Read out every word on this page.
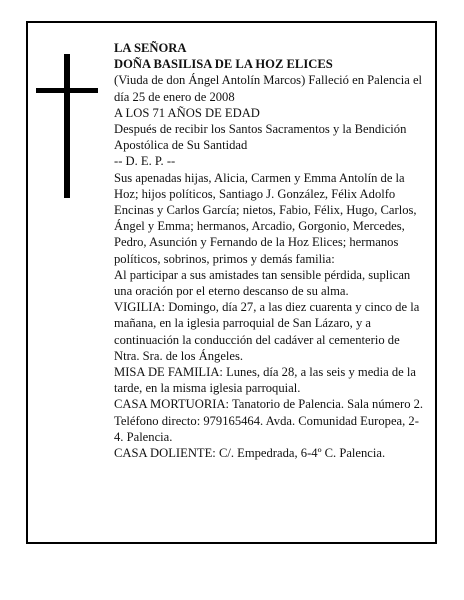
LA SEÑORA

DOÑA BASILISA DE LA HOZ ELICES

(Viuda de don Ángel Antolín Marcos) Falleció en Palencia el día 25 de enero de 2008

A LOS 71 AÑOS DE EDAD

Después de recibir los Santos Sacramentos y la Bendición Apostólica de Su Santidad

-- D. E. P. --

Sus apenadas hijas, Alicia, Carmen y Emma Antolín de la Hoz; hijos políticos, Santiago J. González, Félix Adolfo Encinas y Carlos García; nietos, Fabio, Félix, Hugo, Carlos, Ángel y Emma; hermanos, Arcadio, Gorgonio, Mercedes, Pedro, Asunción y Fernando de la Hoz Elices; hermanos políticos, sobrinos, primos y demás familia:

Al participar a sus amistades tan sensible pérdida, suplican una oración por el eterno descanso de su alma.

VIGILIA: Domingo, día 27, a las diez cuarenta y cinco de la mañana, en la iglesia parroquial de San Lázaro, y a continuación la conducción del cadáver al cementerio de Ntra. Sra. de los Ángeles.

MISA DE FAMILIA: Lunes, día 28, a las seis y media de la tarde, en la misma iglesia parroquial.

CASA MORTUORIA: Tanatorio de Palencia. Sala número 2. Teléfono directo: 979165464. Avda. Comunidad Europea, 2-4. Palencia.

CASA DOLIENTE: C/. Empedrada, 6-4º C. Palencia.
